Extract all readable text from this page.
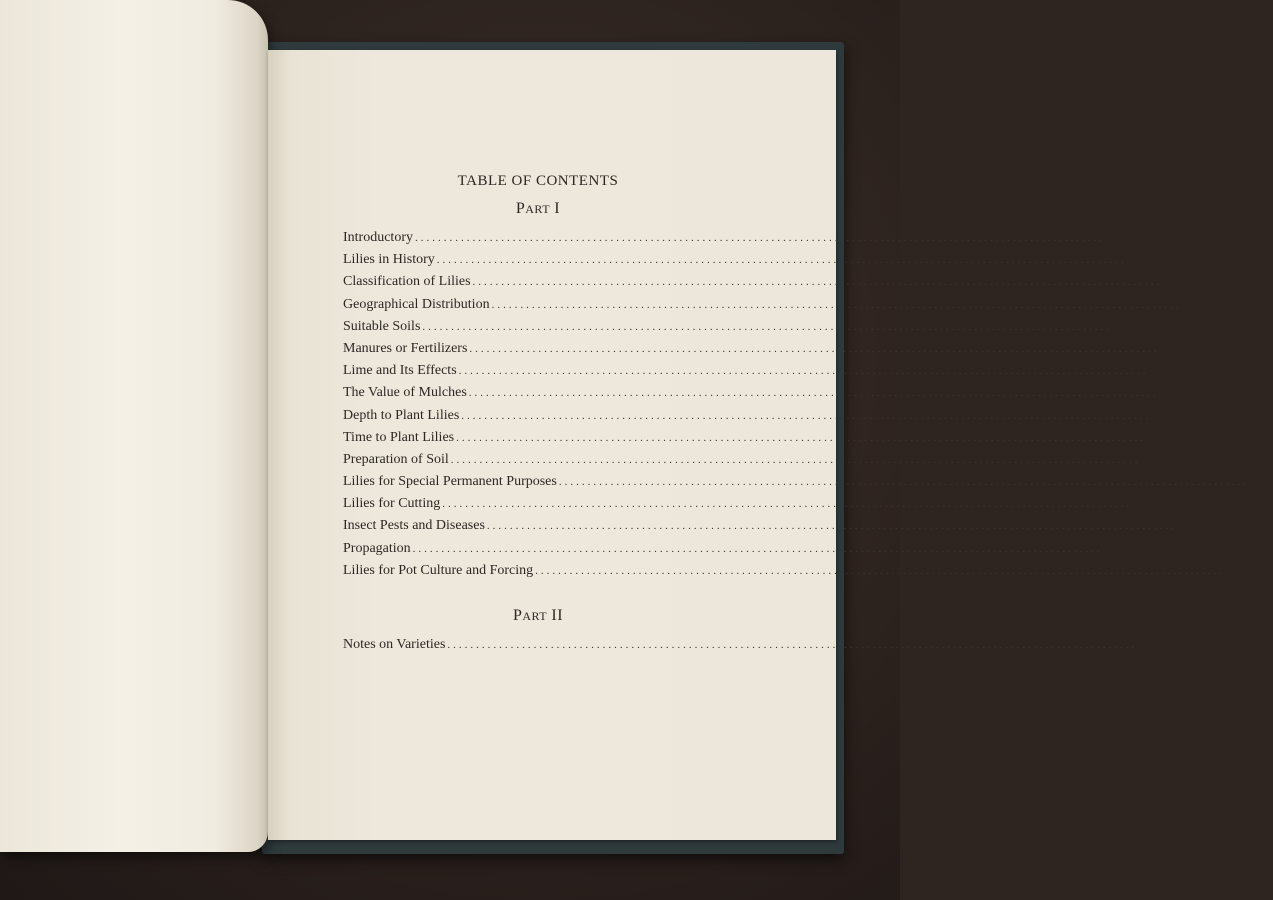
TABLE OF CONTENTS
PART I
Introductory ........................................................................................................................	1
Lilies in History ........................................................................................................................	3
Classification of Lilies ........................................................................................................................	6
Geographical Distribution ........................................................................................................................	8
Suitable Soils ........................................................................................................................ 10
Manures or Fertilizers ........................................................................................................................ 13
Lime and Its Effects ........................................................................................................................ 16
The Value of Mulches ........................................................................................................................ 18
Depth to Plant Lilies ........................................................................................................................ 21
Time to Plant Lilies ........................................................................................................................ 23
Preparation of Soil ........................................................................................................................ 25
Lilies for Special Permanent Purposes ........................................................................................................................ 27
Lilies for Cutting ........................................................................................................................ 30
Insect Pests and Diseases ........................................................................................................................ 32
Propagation ........................................................................................................................ 37
Lilies for Pot Culture and Forcing ........................................................................................................................ 45
PART II
Notes on Varieties ........................................................................................................................ 63
